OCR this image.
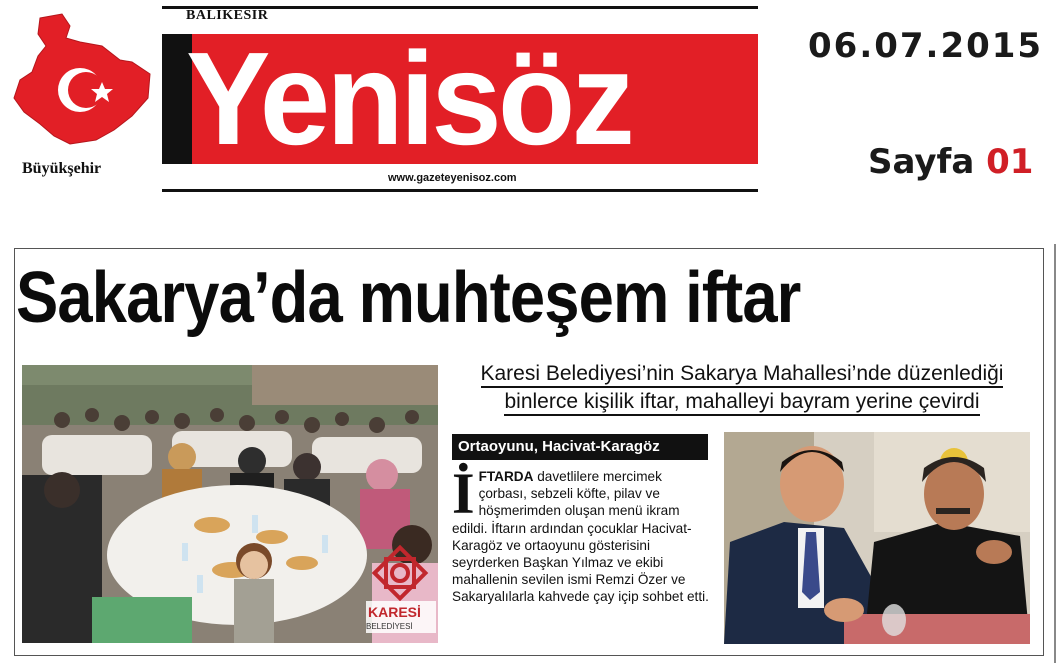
Büyükşehir
BALIKESIR
Yenisöz
www.gazeteyenisoz.com
06.07.2015
Sayfa 01
Sakarya’da muhteşem iftar
KARESİ
BELEDİYESİ
Karesi Belediyesi’nin Sakarya Mahallesi’nde düzenlediği
binlerce kişilik iftar, mahalleyi bayram yerine çevirdi
Ortaoyunu, Hacivat-Karagöz
İFTARDA davetlilere mercimek çorbası, sebzeli köfte, pilav ve höşmerimden oluşan menü ikram edildi. İftarın ardından çocuklar Hacivat-Karagöz ve ortaoyunu gösterisini seyrderken Başkan Yılmaz ve ekibi mahallenin sevilen ismi Remzi Özer ve Sakaryalılarla kahvede çay içip sohbet etti.
